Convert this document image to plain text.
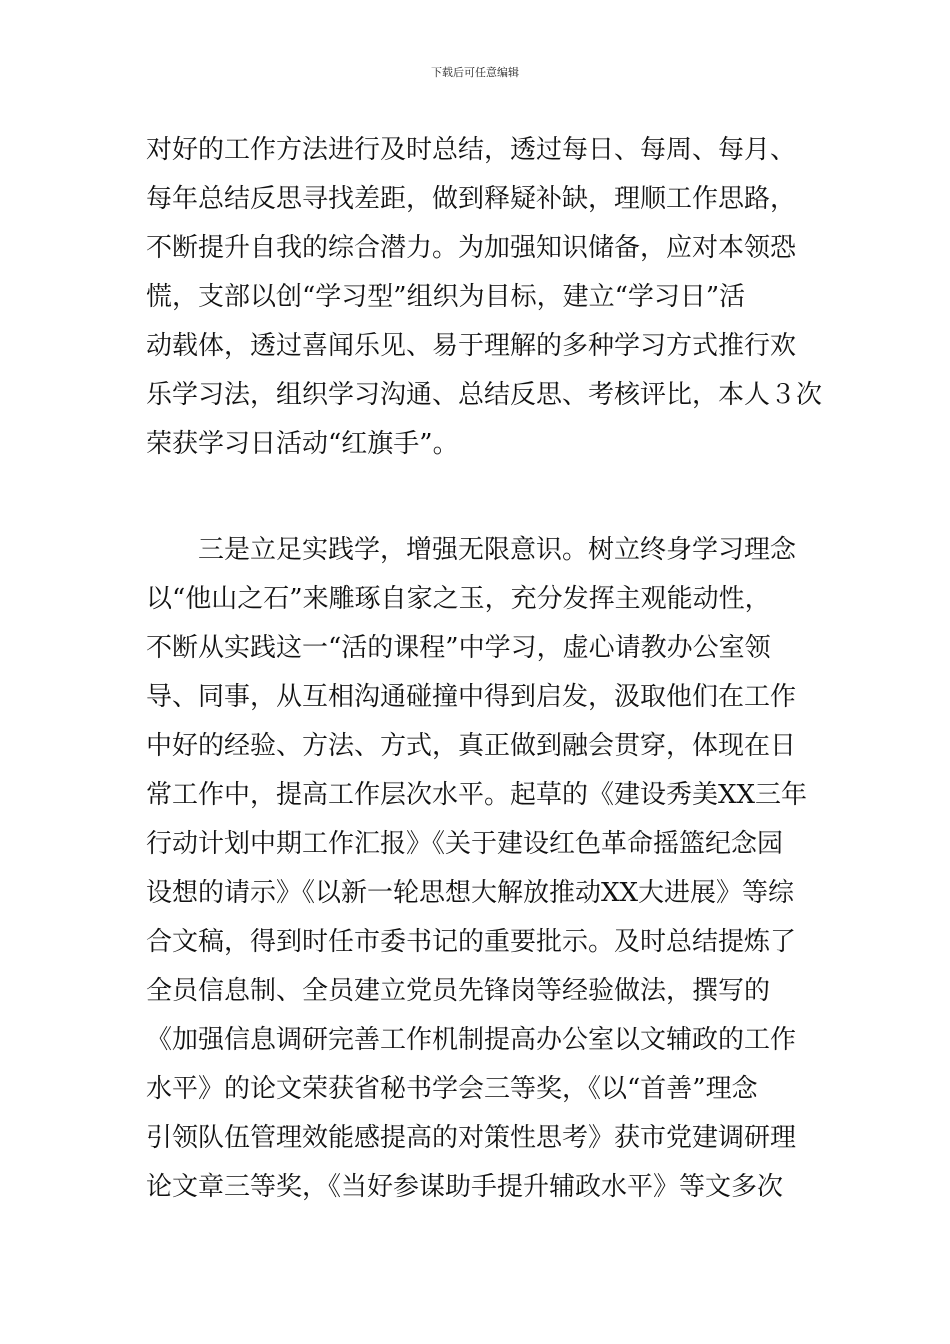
下载后可任意编辑
对好的工作方法进行及时总结，透过每日、每周、每月、
每年总结反思寻找差距，做到释疑补缺，理顺工作思路，
不断提升自我的综合潜力。为加强知识储备，应对本领恐
慌，支部以创“学习型”组织为目标，建立“学习日”活
动载体，透过喜闻乐见、易于理解的多种学习方式推行欢
乐学习法，组织学习沟通、总结反思、考核评比，本人３次
荣获学习日活动“红旗手”。
三是立足实践学，增强无限意识。树立终身学习理念
以“他山之石”来雕琢自家之玉，充分发挥主观能动性，
不断从实践这一“活的课程”中学习，虚心请教办公室领
导、同事，从互相沟通碰撞中得到启发，汲取他们在工作
中好的经验、方法、方式，真正做到融会贯穿，体现在日
常工作中，提高工作层次水平。起草的《建设秀美XX三年
行动计划中期工作汇报》《关于建设红色革命摇篮纪念园
设想的请示》《以新一轮思想大解放推动XX大进展》等综
合文稿，得到时任市委书记的重要批示。及时总结提炼了
全员信息制、全员建立党员先锋岗等经验做法，撰写的
《加强信息调研完善工作机制提高办公室以文辅政的工作
水平》的论文荣获省秘书学会三等奖，《以“首善”理念
引领队伍管理效能感提高的对策性思考》获市党建调研理
论文章三等奖，《当好参谋助手提升辅政水平》等文多次
